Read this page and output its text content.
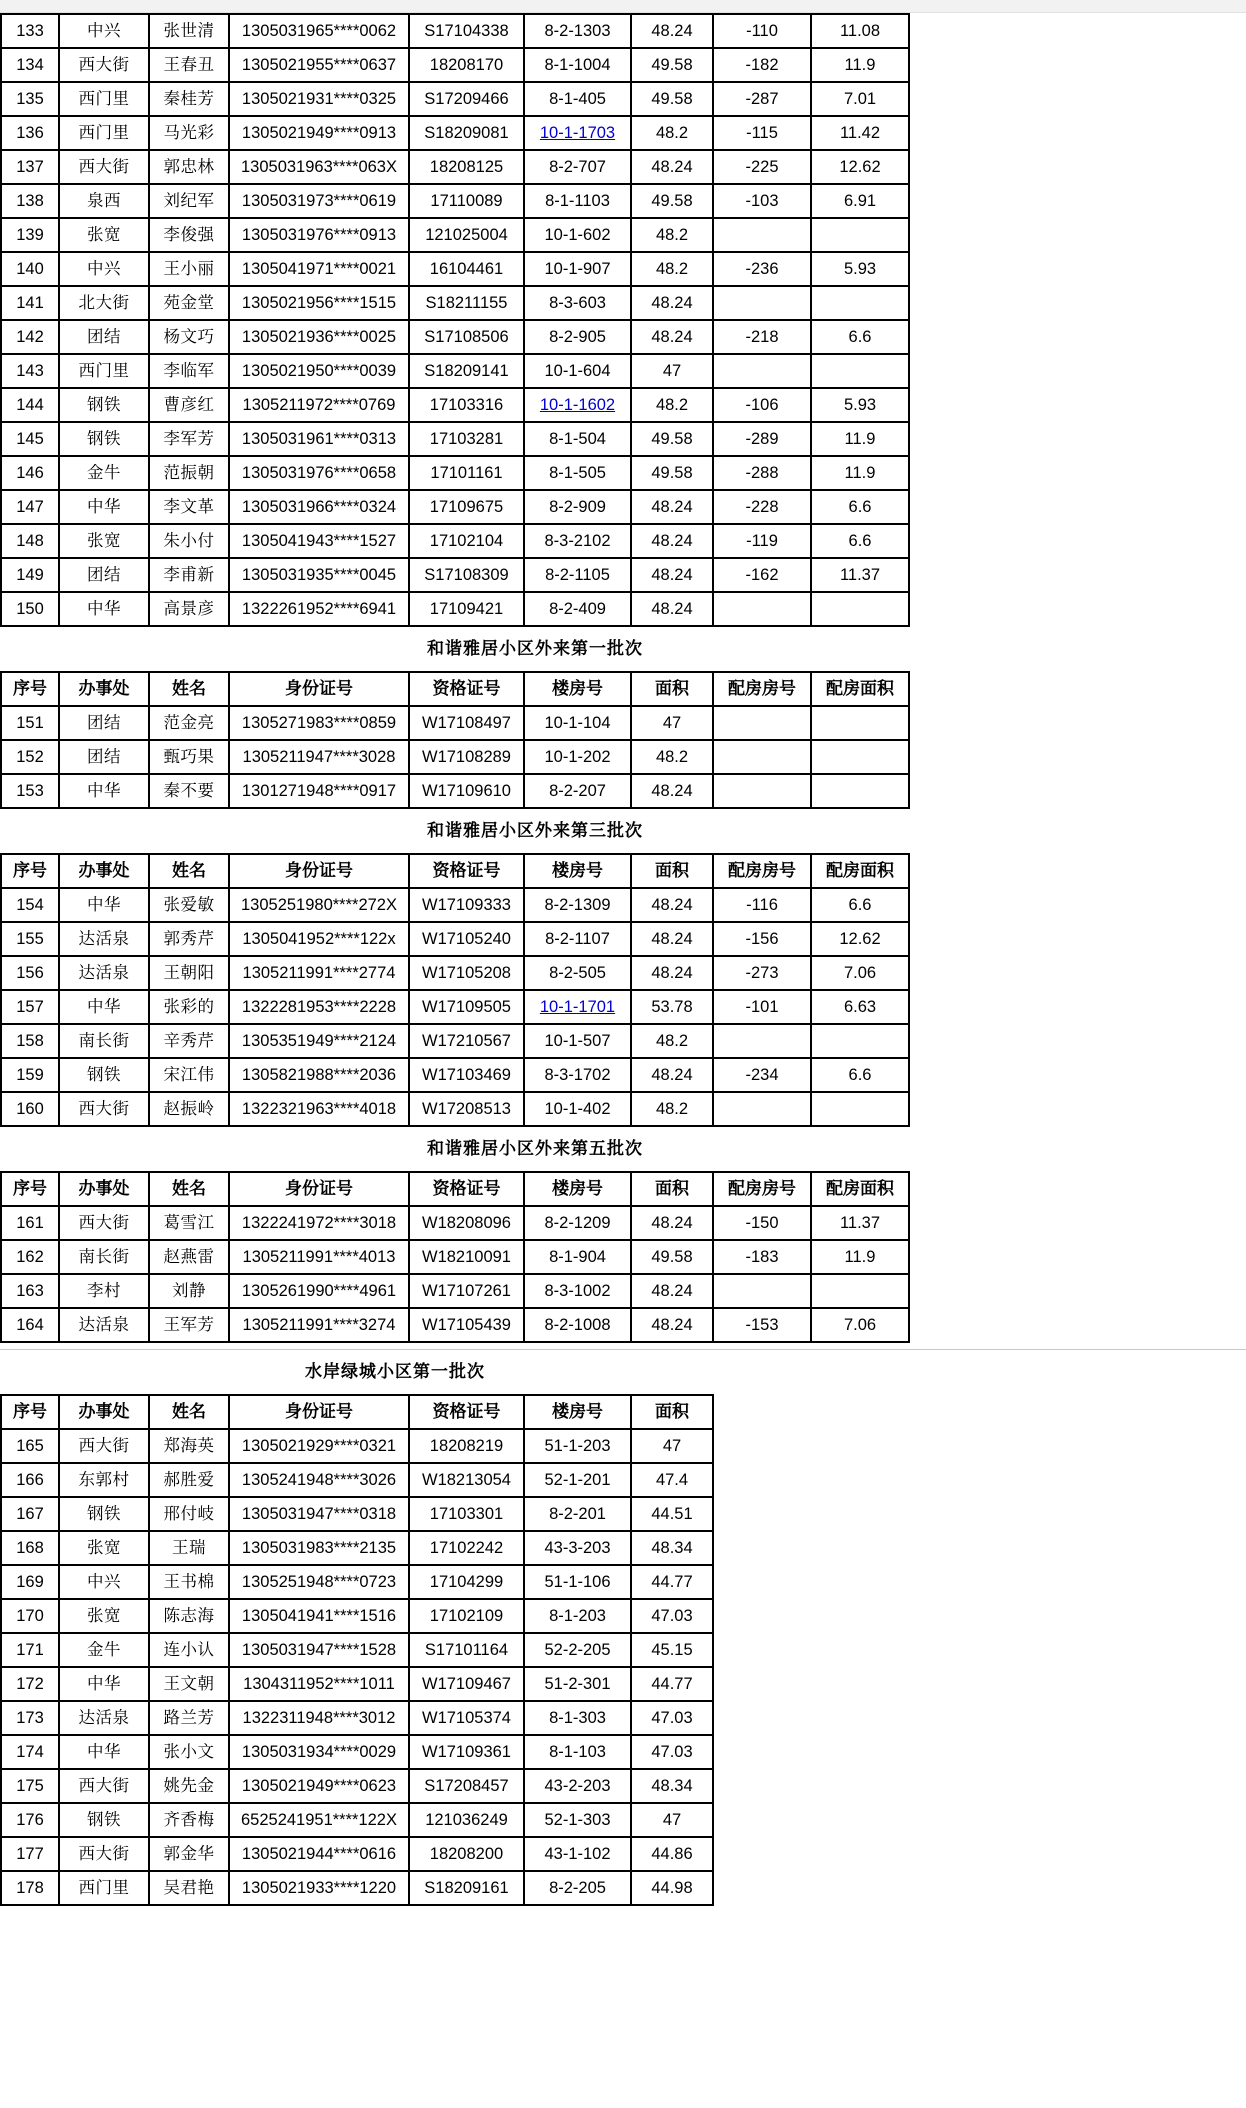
133	中兴	张世清	1305031965****0062	S17104338	8-2-1303	48.24	-110	11.08
134	西大街	王春丑	1305021955****0637	18208170	8-1-1004	49.58	-182	11.9
135	西门里	秦桂芳	1305021931****0325	S17209466	8-1-405	49.58	-287	7.01
136	西门里	马光彩	1305021949****0913	S18209081	10-1-1703	48.2	-115	11.42
137	西大街	郭忠林	1305031963****063X	18208125	8-2-707	48.24	-225	12.62
138	泉西	刘纪军	1305031973****0619	17110089	8-1-1103	49.58	-103	6.91
139	张宽	李俊强	1305031976****0913	121025004	10-1-602	48.2		
140	中兴	王小丽	1305041971****0021	16104461	10-1-907	48.2	-236	5.93
141	北大街	苑金堂	1305021956****1515	S18211155	8-3-603	48.24		
142	团结	杨文巧	1305021936****0025	S17108506	8-2-905	48.24	-218	6.6
143	西门里	李临军	1305021950****0039	S18209141	10-1-604	47		
144	钢铁	曹彦红	1305211972****0769	17103316	10-1-1602	48.2	-106	5.93
145	钢铁	李军芳	1305031961****0313	17103281	8-1-504	49.58	-289	11.9
146	金牛	范振朝	1305031976****0658	17101161	8-1-505	49.58	-288	11.9
147	中华	李文革	1305031966****0324	17109675	8-2-909	48.24	-228	6.6
148	张宽	朱小付	1305041943****1527	17102104	8-3-2102	48.24	-119	6.6
149	团结	李甫新	1305031935****0045	S17108309	8-2-1105	48.24	-162	11.37
150	中华	高景彦	1322261952****6941	17109421	8-2-409	48.24		
和谐雅居小区外来第一批次
序号	办事处	姓名	身份证号	资格证号	楼房号	面积	配房房号	配房面积
151	团结	范金亮	1305271983****0859	W17108497	10-1-104	47		
152	团结	甄巧果	1305211947****3028	W17108289	10-1-202	48.2		
153	中华	秦不要	1301271948****0917	W17109610	8-2-207	48.24		
和谐雅居小区外来第三批次
序号	办事处	姓名	身份证号	资格证号	楼房号	面积	配房房号	配房面积
154	中华	张爱敏	1305251980****272X	W17109333	8-2-1309	48.24	-116	6.6
155	达活泉	郭秀芹	1305041952****122x	W17105240	8-2-1107	48.24	-156	12.62
156	达活泉	王朝阳	1305211991****2774	W17105208	8-2-505	48.24	-273	7.06
157	中华	张彩的	1322281953****2228	W17109505	10-1-1701	53.78	-101	6.63
158	南长街	辛秀芹	1305351949****2124	W17210567	10-1-507	48.2		
159	钢铁	宋江伟	1305821988****2036	W17103469	8-3-1702	48.24	-234	6.6
160	西大街	赵振岭	1322321963****4018	W17208513	10-1-402	48.2		
和谐雅居小区外来第五批次
序号	办事处	姓名	身份证号	资格证号	楼房号	面积	配房房号	配房面积
161	西大街	葛雪江	1322241972****3018	W18208096	8-2-1209	48.24	-150	11.37
162	南长街	赵燕雷	1305211991****4013	W18210091	8-1-904	49.58	-183	11.9
163	李村	刘静	1305261990****4961	W17107261	8-3-1002	48.24		
164	达活泉	王军芳	1305211991****3274	W17105439	8-2-1008	48.24	-153	7.06
水岸绿城小区第一批次
序号	办事处	姓名	身份证号	资格证号	楼房号	面积
165	西大街	郑海英	1305021929****0321	18208219	51-1-203	47
166	东郭村	郝胜爱	1305241948****3026	W18213054	52-1-201	47.4
167	钢铁	邢付岐	1305031947****0318	17103301	8-2-201	44.51
168	张宽	王瑞	1305031983****2135	17102242	43-3-203	48.34
169	中兴	王书棉	1305251948****0723	17104299	51-1-106	44.77
170	张宽	陈志海	1305041941****1516	17102109	8-1-203	47.03
171	金牛	连小认	1305031947****1528	S17101164	52-2-205	45.15
172	中华	王文朝	1304311952****1011	W17109467	51-2-301	44.77
173	达活泉	路兰芳	1322311948****3012	W17105374	8-1-303	47.03
174	中华	张小文	1305031934****0029	W17109361	8-1-103	47.03
175	西大街	姚先金	1305021949****0623	S17208457	43-2-203	48.34
176	钢铁	齐香梅	6525241951****122X	121036249	52-1-303	47
177	西大街	郭金华	1305021944****0616	18208200	43-1-102	44.86
178	西门里	吴君艳	1305021933****1220	S18209161	8-2-205	44.98
